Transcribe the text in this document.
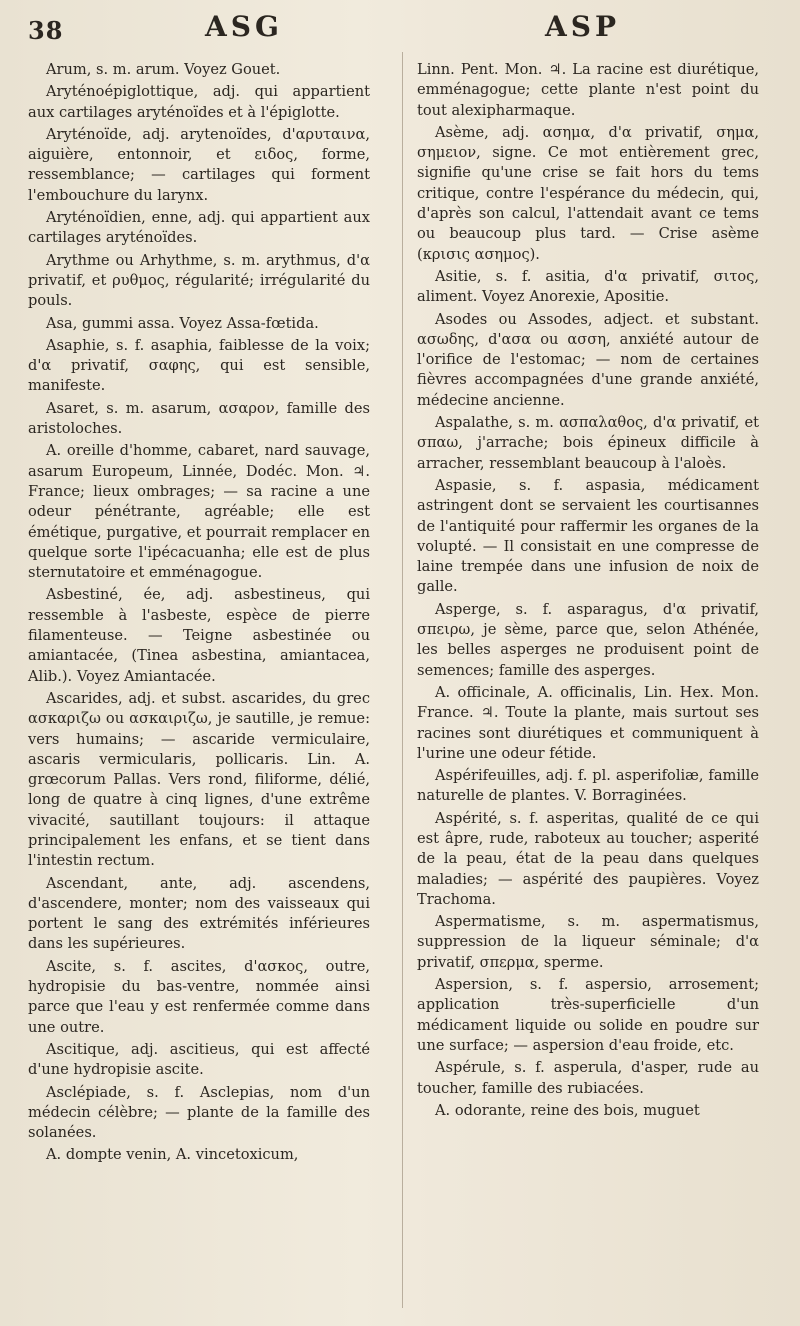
38	ASG	ASP

Arum, s. m. arum. Voyez Gouet.

Aryténoépiglottique, adj. qui appartient aux cartilages aryténoïdes et à l'épiglotte.

Aryténoïde, adj. arytenoïdes, d'αρυταινα, aiguière, entonnoir, et ειδος, forme, ressemblance; — cartilages qui forment l'embouchure du larynx.

Aryténoïdien, enne, adj. qui appartient aux cartilages aryténoïdes.

Arythme ou Arhythme, s. m. arythmus, d'α privatif, et ρυθμος, régularité; irrégularité du pouls.

Asa, gummi assa. Voyez Assa-fœtida.

Asaphie, s. f. asaphia, faiblesse de la voix; d'α privatif, σαφης, qui est sensible, manifeste.

Asaret, s. m. asarum, ασαρον, famille des aristoloches.

A. oreille d'homme, cabaret, nard sauvage, asarum Europeum, Linnée, Dodéc. Mon. ♃. France; lieux ombrages; — sa racine a une odeur pénétrante, agréable; elle est émétique, purgative, et pourrait remplacer en quelque sorte l'ipécacuanha; elle est de plus sternutatoire et emménagogue.

Asbestiné, ée, adj. asbestineus, qui ressemble à l'asbeste, espèce de pierre filamenteuse. — Teigne asbestinée ou amiantacée, (Tinea asbestina, amiantacea, Alib.). Voyez Amiantacée.

Ascarides, adj. et subst. ascarides, du grec ασκαριζω ou ασκαιριζω, je sautille, je remue: vers humains; — ascaride vermiculaire, ascaris vermicularis, pollicaris. Lin. A. grœcorum Pallas. Vers rond, filiforme, délié, long de quatre à cinq lignes, d'une extrême vivacité, sautillant toujours: il attaque principalement les enfans, et se tient dans l'intestin rectum.

Ascendant, ante, adj. ascendens, d'ascendere, monter; nom des vaisseaux qui portent le sang des extrémités inférieures dans les supérieures.

Ascite, s. f. ascites, d'ασκος, outre, hydropisie du bas-ventre, nommée ainsi parce que l'eau y est renfermée comme dans une outre.

Ascitique, adj. ascitieus, qui est affecté d'une hydropisie ascite.

Asclépiade, s. f. Asclepias, nom d'un médecin célèbre; — plante de la famille des solanées.

A. dompte venin, A. vincetoxicum,

Linn. Pent. Mon. ♃. La racine est diurétique, emménagogue; cette plante n'est point du tout alexipharmaque.

Asème, adj. ασημα, d'α privatif, σημα, σημειον, signe. Ce mot entièrement grec, signifie qu'une crise se fait hors du tems critique, contre l'espérance du médecin, qui, d'après son calcul, l'attendait avant ce tems ou beaucoup plus tard. — Crise asème (κρισις ασημος).

Asitie, s. f. asitia, d'α privatif, σιτος, aliment. Voyez Anorexie, Apositie.

Asodes ou Assodes, adject. et substant. ασωδης, d'ασα ou ασση, anxiété autour de l'orifice de l'estomac; — nom de certaines fièvres accompagnées d'une grande anxiété, médecine ancienne.

Aspalathe, s. m. ασπαλαθος, d'α privatif, et σπαω, j'arrache; bois épineux difficile à arracher, ressemblant beaucoup à l'aloès.

Aspasie, s. f. aspasia, médicament astringent dont se servaient les courtisannes de l'antiquité pour raffermir les organes de la volupté. — Il consistait en une compresse de laine trempée dans une infusion de noix de galle.

Asperge, s. f. asparagus, d'α privatif, σπειρω, je sème, parce que, selon Athénée, les belles asperges ne produisent point de semences; famille des asperges.

A. officinale, A. officinalis, Lin. Hex. Mon. France. ♃. Toute la plante, mais surtout ses racines sont diurétiques et communiquent à l'urine une odeur fétide.

Aspérifeuilles, adj. f. pl. asperifoliæ, famille naturelle de plantes. V. Borraginées.

Aspérité, s. f. asperitas, qualité de ce qui est âpre, rude, raboteux au toucher; asperité de la peau, état de la peau dans quelques maladies; — aspérité des paupières. Voyez Trachoma.

Aspermatisme, s. m. aspermatismus, suppression de la liqueur séminale; d'α privatif, σπερμα, sperme.

Aspersion, s. f. aspersio, arrosement; application très-superficielle d'un médicament liquide ou solide en poudre sur une surface; — aspersion d'eau froide, etc.

Aspérule, s. f. asperula, d'asper, rude au toucher, famille des rubiacées.

A. odorante, reine des bois, muguet
